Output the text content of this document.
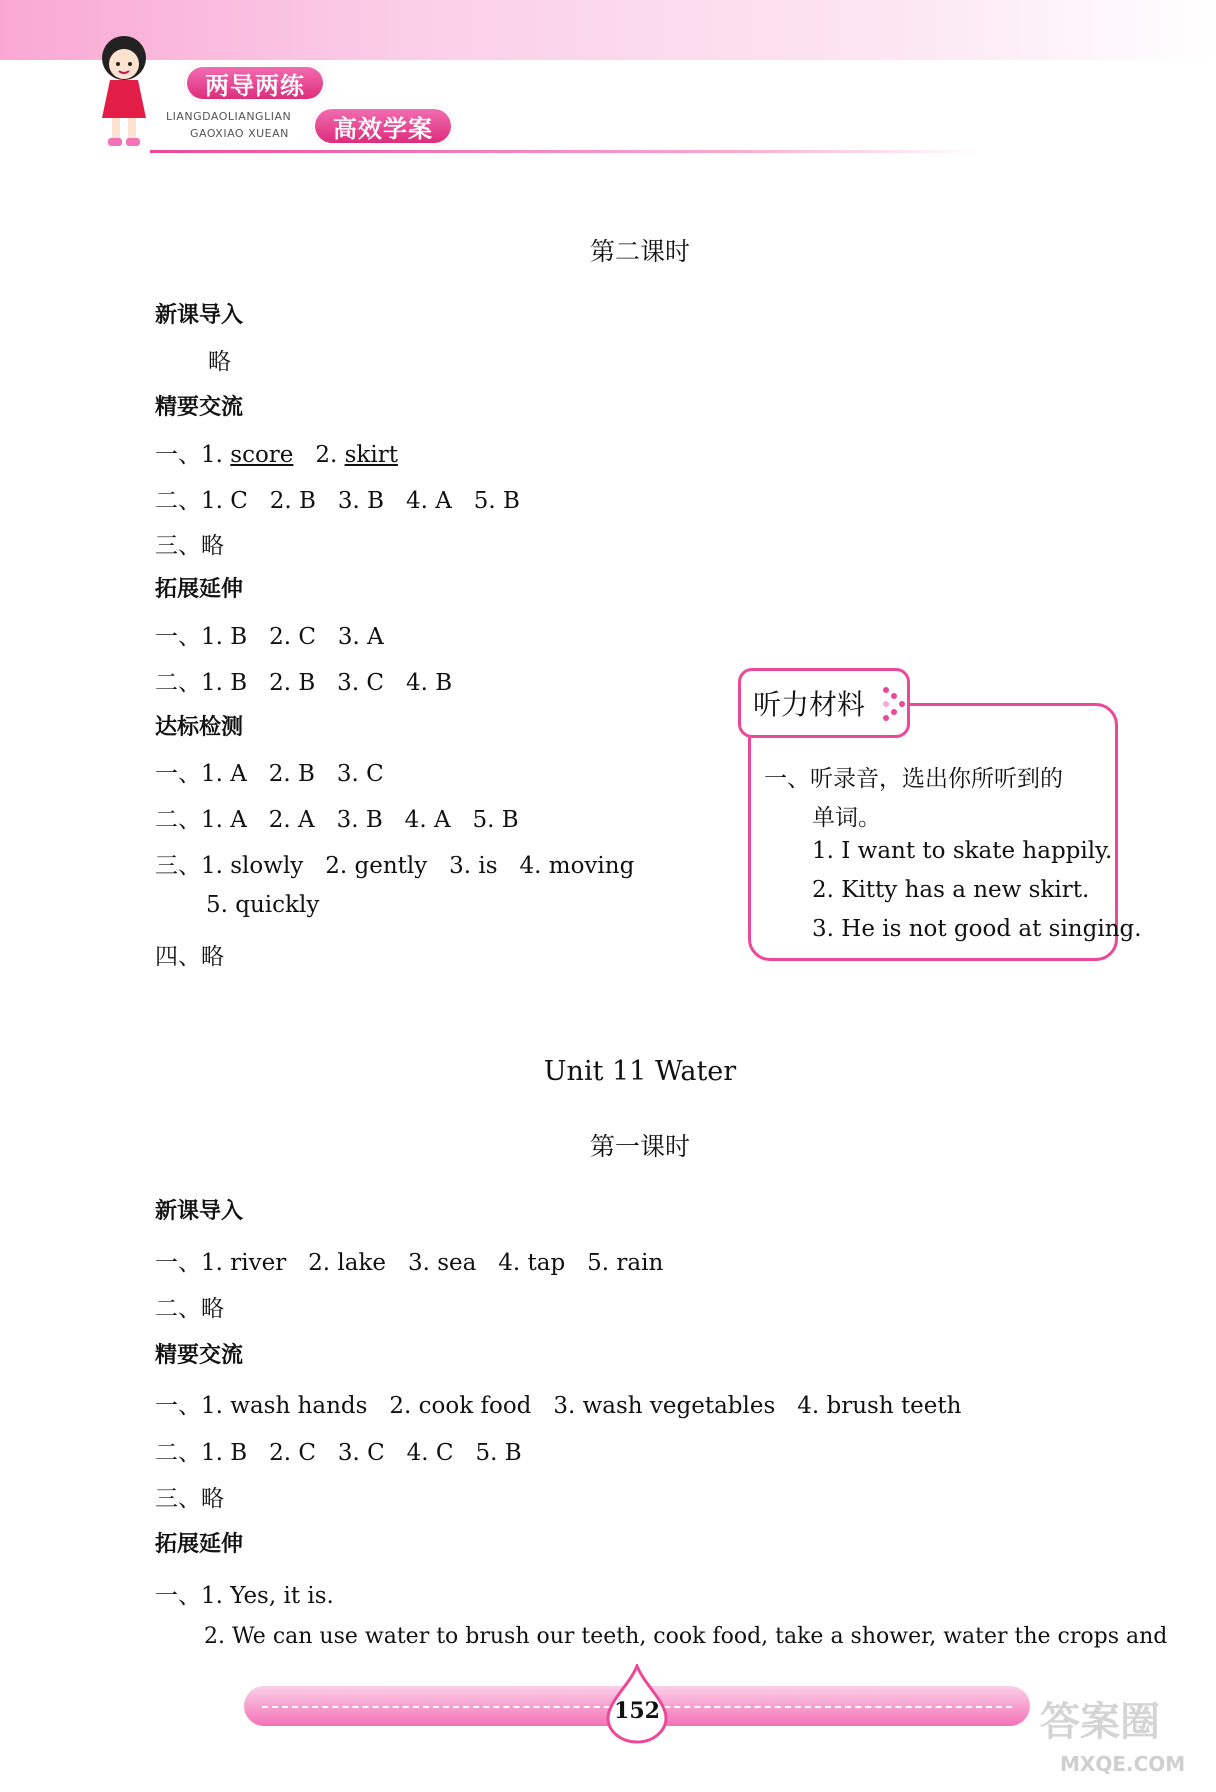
两导两练
LIANGDAOLIANGLIAN
GAOXIAO XUEAN	高效学案
第二课时
新课导入
略
精要交流
一、1. score 2. skirt
二、1. C   2. B   3. B   4. A   5. B
三、略
拓展延伸
一、1. B   2. C   3. A
二、1. B   2. B   3. C   4. B
达标检测
一、1. A   2. B   3. C
二、1. A   2. A   3. B   4. A   5. B
三、1. slowly   2. gently   3. is   4. moving
5. quickly
四、略
听力材料
一、听录音，选出你所听到的
单词。
1. I want to skate happily.
2. Kitty has a new skirt.
3. He is not good at singing.
Unit 11 Water
第一课时
新课导入
一、1. river   2. lake   3. sea   4. tap   5. rain
二、略
精要交流
一、1. wash hands   2. cook food   3. wash vegetables   4. brush teeth
二、1. B   2. C   3. C   4. C   5. B
三、略
拓展延伸
一、1. Yes, it is.
2. We can use water to brush our teeth, cook food, take a shower, water the crops and
152	答案圈
MXQE.COM
